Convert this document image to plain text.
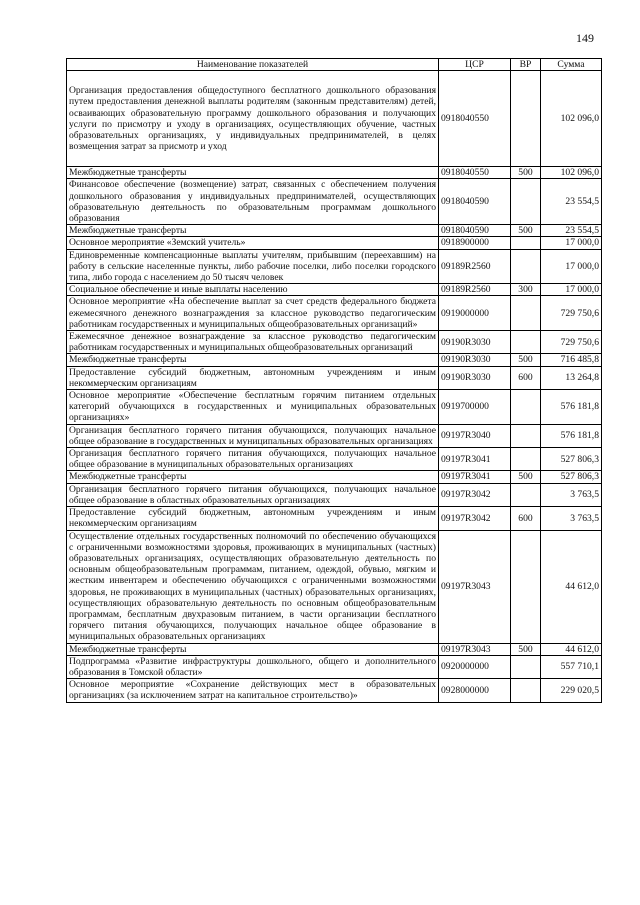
149
Наименование показателей	ЦСР	ВР	Сумма
Организация предоставления общедоступного бесплатного дошкольного образования путем предоставления денежной выплаты родителям (законным представителям) детей, осваивающих образовательную программу дошкольного образования и получающих услуги по присмотру и уходу в организациях, осуществляющих обучение, частных образовательных организациях, у индивидуальных предпринимателей, в целях возмещения затрат за присмотр и уход	0918040550		102 096,0
Межбюджетные трансферты	0918040550	500	102 096,0
Финансовое обеспечение (возмещение) затрат, связанных с обеспечением получения дошкольного образования у индивидуальных предпринимателей, осуществляющих образовательную деятельность по образовательным программам дошкольного образования	0918040590		23 554,5
Межбюджетные трансферты	0918040590	500	23 554,5
Основное мероприятие «Земский учитель»	0918900000		17 000,0
Единовременные компенсационные выплаты учителям, прибывшим (переехавшим) на работу в сельские населенные пункты, либо рабочие поселки, либо поселки городского типа, либо города с населением до 50 тысяч человек	09189R2560		17 000,0
Социальное обеспечение и иные выплаты населению	09189R2560	300	17 000,0
Основное мероприятие «На обеспечение выплат за счет средств федерального бюджета ежемесячного денежного вознаграждения за классное руководство педагогическим работникам государственных и муниципальных общеобразовательных организаций»	0919000000		729 750,6
Ежемесячное денежное вознаграждение за классное руководство педагогическим работникам государственных и муниципальных общеобразовательных организаций	09190R3030		729 750,6
Межбюджетные трансферты	09190R3030	500	716 485,8
Предоставление субсидий бюджетным, автономным учреждениям и иным некоммерческим организациям	09190R3030	600	13 264,8
Основное мероприятие «Обеспечение бесплатным горячим питанием отдельных категорий обучающихся в государственных и муниципальных образовательных организациях»	0919700000		576 181,8
Организация бесплатного горячего питания обучающихся, получающих начальное общее образование в государственных и муниципальных образовательных организациях	09197R3040		576 181,8
Организация бесплатного горячего питания обучающихся, получающих начальное общее образование в муниципальных образовательных организациях	09197R3041		527 806,3
Межбюджетные трансферты	09197R3041	500	527 806,3
Организация бесплатного горячего питания обучающихся, получающих начальное общее образование в областных образовательных организациях	09197R3042		3 763,5
Предоставление субсидий бюджетным, автономным учреждениям и иным некоммерческим организациям	09197R3042	600	3 763,5
Осуществление отдельных государственных полномочий по обеспечению обучающихся с ограниченными возможностями здоровья, проживающих в муниципальных (частных) образовательных организациях, осуществляющих образовательную деятельность по основным общеобразовательным программам, питанием, одеждой, обувью, мягким и жестким инвентарем и обеспечению обучающихся с ограниченными возможностями здоровья, не проживающих в муниципальных (частных) образовательных организациях, осуществляющих образовательную деятельность по основным общеобразовательным программам, бесплатным двухразовым питанием, в части организации бесплатного горячего питания обучающихся, получающих начальное общее образование в муниципальных образовательных организациях	09197R3043		44 612,0
Межбюджетные трансферты	09197R3043	500	44 612,0
Подпрограмма «Развитие инфраструктуры дошкольного, общего и дополнительного образования в Томской области»	0920000000		557 710,1
Основное мероприятие «Сохранение действующих мест в образовательных организациях (за исключением затрат на капитальное строительство)»	0928000000		229 020,5
